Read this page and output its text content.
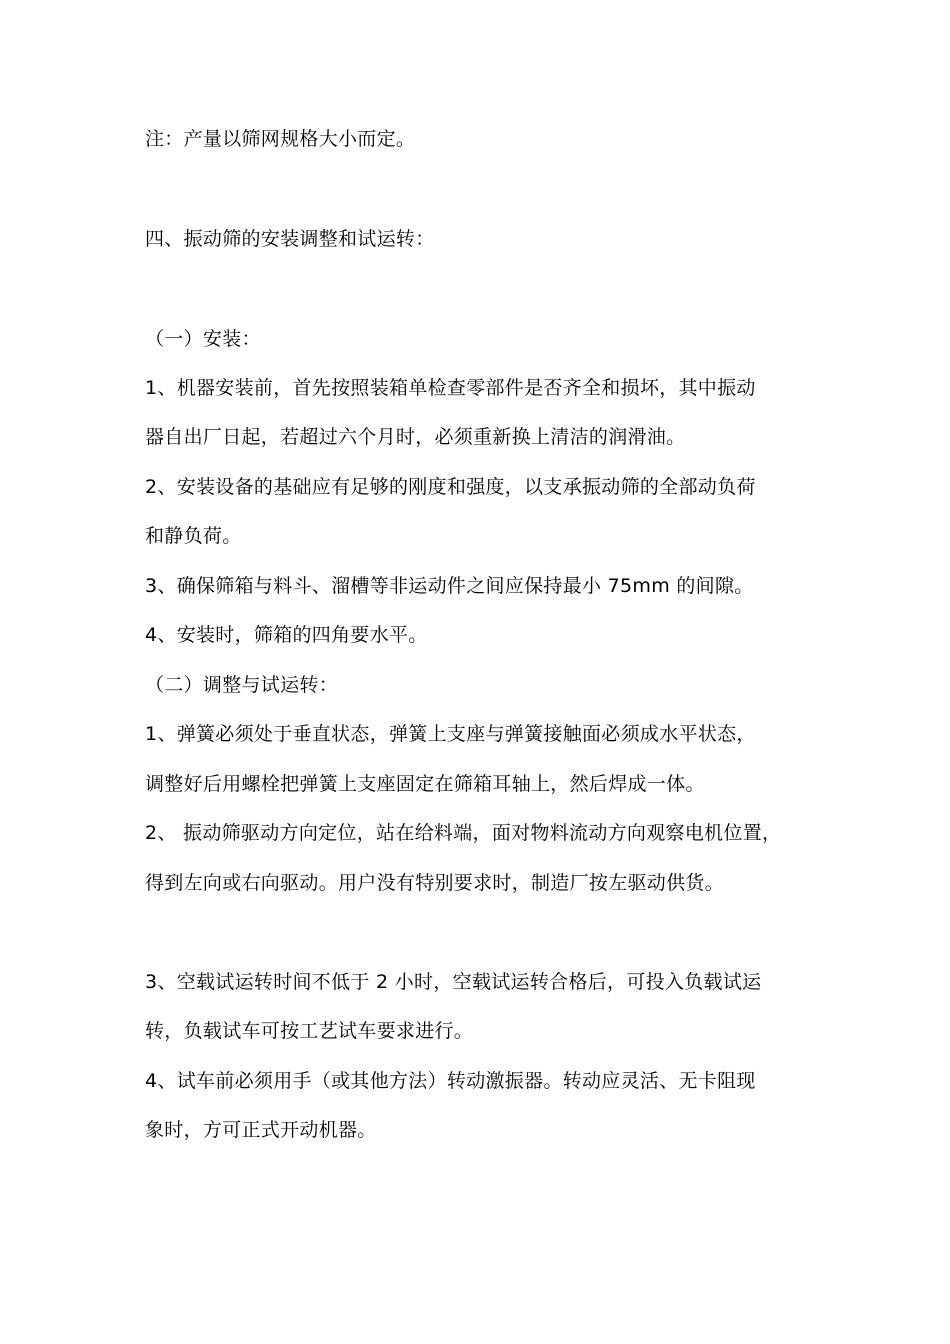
注：产量以筛网规格大小而定。
四、振动筛的安装调整和试运转：
（一）安装：
1、机器安装前，首先按照装箱单检查零部件是否齐全和损坏，其中振动
器自出厂日起，若超过六个月时，必须重新换上清洁的润滑油。
2、安装设备的基础应有足够的刚度和强度，以支承振动筛的全部动负荷
和静负荷。
3、确保筛箱与料斗、溜槽等非运动件之间应保持最小 75mm 的间隙。
4、安装时，筛箱的四角要水平。
（二）调整与试运转：
1、弹簧必须处于垂直状态，弹簧上支座与弹簧接触面必须成水平状态，
调整好后用螺栓把弹簧上支座固定在筛箱耳轴上，然后焊成一体。
2、 振动筛驱动方向定位，站在给料端，面对物料流动方向观察电机位置，
得到左向或右向驱动。用户没有特别要求时，制造厂按左驱动供货。
3、空载试运转时间不低于 2 小时，空载试运转合格后，可投入负载试运
转，负载试车可按工艺试车要求进行。
4、试车前必须用手（或其他方法）转动激振器。转动应灵活、无卡阻现
象时，方可正式开动机器。
